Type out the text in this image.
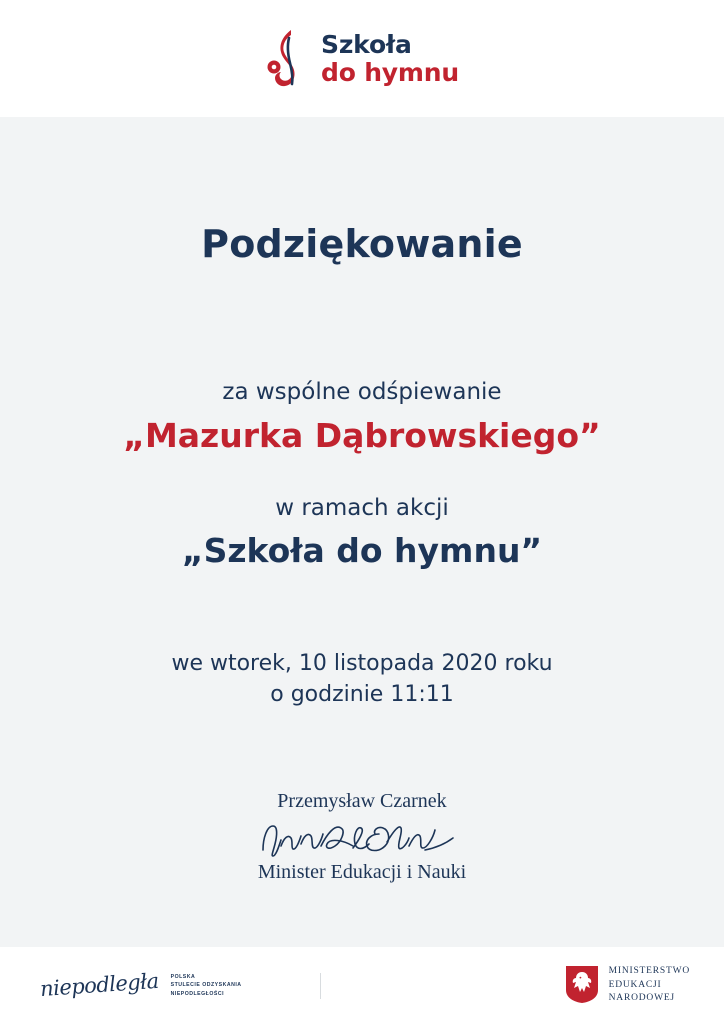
Szkoła
do hymnu
Podziękowanie
za wspólne odśpiewanie
„Mazurka Dąbrowskiego”
w ramach akcji
„Szkoła do hymnu”
we wtorek, 10 listopada 2020 roku
o godzinie 11:11
Przemysław Czarnek
Minister Edukacji i Nauki
niepodległa POLSKA
STULECIE ODZYSKANIA
NIEPODLEGŁOŚCI
MINISTERSTWO
EDUKACJI
NARODOWEJ
